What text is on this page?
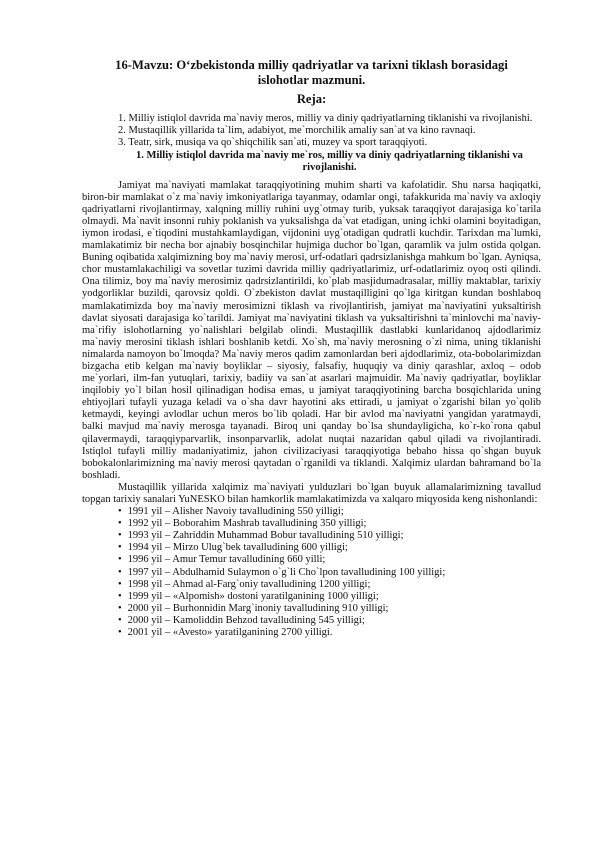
16-Mavzu: O‘zbekistonda milliy qadriyatlar va tarixni tiklash borasidagi islohotlar mazmuni.
Reja:
1. Milliy istiqlol davrida ma`naviy meros, milliy va diniy qadriyatlarning tiklanishi va rivojlanishi.
2. Mustaqillik yillarida ta`lim, adabiyot, me`morchilik amaliy san`at va kino ravnaqi.
3. Teatr, sirk, musiqa va qo`shiqchilik san`ati, muzey va sport taraqqiyoti.
1. Milliy istiqlol davrida ma`naviy me`ros, milliy va diniy qadriyatlarning tiklanishi va rivojlanishi.

Jamiyat ma`naviyati mamlakat taraqqiyotining muhim sharti va kafolatidir. Shu narsa haqiqatki, biron-bir mamlakat o`z ma`naviy imkoniyatlariga tayanmay, odamlar ongi, tafakkurida ma`naviy va axloqiy qadriyatlarni rivojlantirmay, xalqning milliy ruhini uyg`otmay turib, yuksak taraqqiyot darajasiga ko`tarila olmaydi. Ma`navit insonni ruhiy poklanish va yuksalishga da`vat etadigan, uning ichki olamini boyitadigan, iymon irodasi, e`tiqodini mustahkamlaydigan, vijdonini uyg`otadigan qudratli kuchdir. Tarixdan ma`lumki, mamlakatimiz bir necha bor ajnabiy bosqinchilar hujmiga duchor bo`lgan, qaramlik va julm ostida qolgan. Buning oqibatida xalqimizning boy ma`naviy merosi, urf-odatlari qadrsizlanishga mahkum bo`lgan. Ayniqsa, chor mustamlakachiligi va sovetlar tuzimi davrida milliy qadriyatlarimiz, urf-odatlarimiz oyoq osti qilindi. Ona tilimiz, boy ma`naviy merosimiz qadrsizlantirildi, ko`plab masjidumadrasalar, milliy maktablar, tarixiy yodgorliklar buzildi, qarovsiz qoldi. O`zbekiston davlat mustaqilligini qo`lga kiritgan kundan boshlaboq mamlakatimizda boy ma`naviy merosimizni tiklash va rivojlantirish, jamiyat ma`naviyatini yuksaltirish davlat siyosati darajasiga ko`tarildi. Jamiyat ma`naviyatini tiklash va yuksaltirishni ta`minlovchi ma`naviy-ma`rifiy islohotlarning yo`nalishlari belgilab olindi. Mustaqillik dastlabki kunlaridanoq ajdodlarimiz ma`naviy merosini tiklash ishlari boshlanib ketdi. Xo`sh, ma`naviy merosning o`zi nima, uning tiklanishi nimalarda namoyon bo`lmoqda? Ma`naviy meros qadim zamonlardan beri ajdodlarimiz, ota-bobolarimizdan bizgacha etib kelgan ma`naviy boyliklar – siyosiy, falsafiy, huquqiy va diniy qarashlar, axloq – odob me`yorlari, ilm-fan yutuqlari, tarixiy, badiiy va san`at asarlari majmuidir. Ma`naviy qadriyatlar, boyliklar inqilobiy yo`l bilan hosil qilinadigan hodisa emas, u jamiyat taraqqiyotining barcha bosqichlarida uning ehtiyojlari tufayli yuzaga keladi va o`sha davr hayotini aks ettiradi, u jamiyat o`zgarishi bilan yo`qolib ketmaydi, keyingi avlodlar uchun meros bo`lib qoladi. Har bir avlod ma`naviyatni yangidan yaratmaydi, balki mavjud ma`naviy merosga tayanadi. Biroq uni qanday bo`lsa shundayligicha, ko`r-ko`rona qabul qilavermaydi, taraqqiyparvarlik, insonparvarlik, adolat nuqtai nazaridan qabul qiladi va rivojlantiradi. Istiqlol tufayli milliy madaniyatimiz, jahon civilizaciyasi taraqqiyotiga bebaho hissa qo`shgan buyuk bobokalonlarimizning ma`naviy merosi qaytadan o`rganildi va tiklandi. Xalqimiz ulardan bahramand bo`la boshladi.

Mustaqillik yillarida xalqimiz ma`naviyati yulduzlari bo`lgan buyuk allamalarimizning tavallud topgan tarixiy sanalari YuNESKO bilan hamkorlik mamlakatimizda va xalqaro miqyosida keng nishonlandi:

• 1991 yil – Alisher Navoiy tavalludining 550 yilligi;
• 1992 yil – Boborahim Mashrab tavalludining 350 yilligi;
• 1993 yil – Zahriddin Muhammad Bobur tavalludining 510 yilligi;
• 1994 yil – Mirzo Ulug`bek tavalludining 600 yilligi;
• 1996 yil – Amur Temur tavalludining 660 yilli;
• 1997 yil – Abdulhamid Sulaymon o`g`li Cho`lpon tavalludining 100 yilligi;
• 1998 yil – Ahmad al-Farg`oniy tavalludining 1200 yilligi;
• 1999 yil – «Alpomish» dostoni yaratilganining 1000 yilligi;
• 2000 yil – Burhonnidin Marg`inoniy tavalludining 910 yilligi;
• 2000 yil – Kamoliddin Behzod tavalludining 545 yilligi;
• 2001 yil – «Avesto» yaratilganining 2700 yilligi.
